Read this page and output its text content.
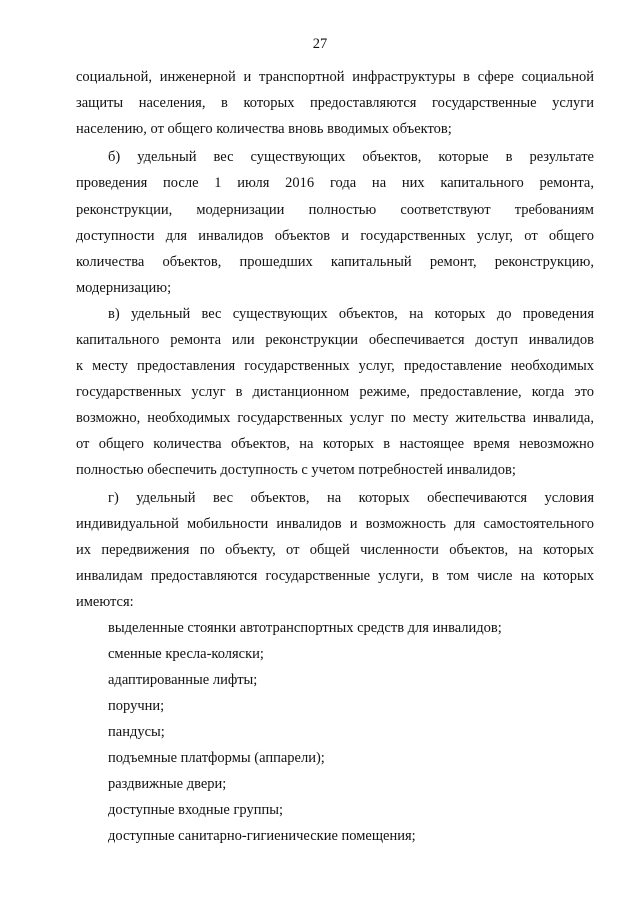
27
социальной, инженерной и транспортной инфраструктуры в сфере социальной
защиты населения, в которых предоставляются государственные услуги
населению, от общего количества вновь вводимых объектов;
б) удельный вес существующих объектов, которые в результате
проведения после 1 июля 2016 года на них капитального ремонта,
реконструкции, модернизации полностью соответствуют требованиям
доступности для инвалидов объектов и государственных услуг, от общего
количества объектов, прошедших капитальный ремонт, реконструкцию,
модернизацию;
в) удельный вес существующих объектов, на которых до проведения
капитального ремонта или реконструкции обеспечивается доступ инвалидов
к месту предоставления государственных услуг, предоставление необходимых
государственных услуг в дистанционном режиме, предоставление, когда это
возможно, необходимых государственных услуг по месту жительства инвалида,
от общего количества объектов, на которых в настоящее время невозможно
полностью обеспечить доступность с учетом потребностей инвалидов;
г) удельный вес объектов, на которых обеспечиваются условия
индивидуальной мобильности инвалидов и возможность для самостоятельного
их передвижения по объекту, от общей численности объектов, на которых
инвалидам предоставляются государственные услуги, в том числе на которых
имеются:
выделенные стоянки автотранспортных средств для инвалидов;
сменные кресла-коляски;
адаптированные лифты;
поручни;
пандусы;
подъемные платформы (аппарели);
раздвижные двери;
доступные входные группы;
доступные санитарно-гигиенические помещения;
